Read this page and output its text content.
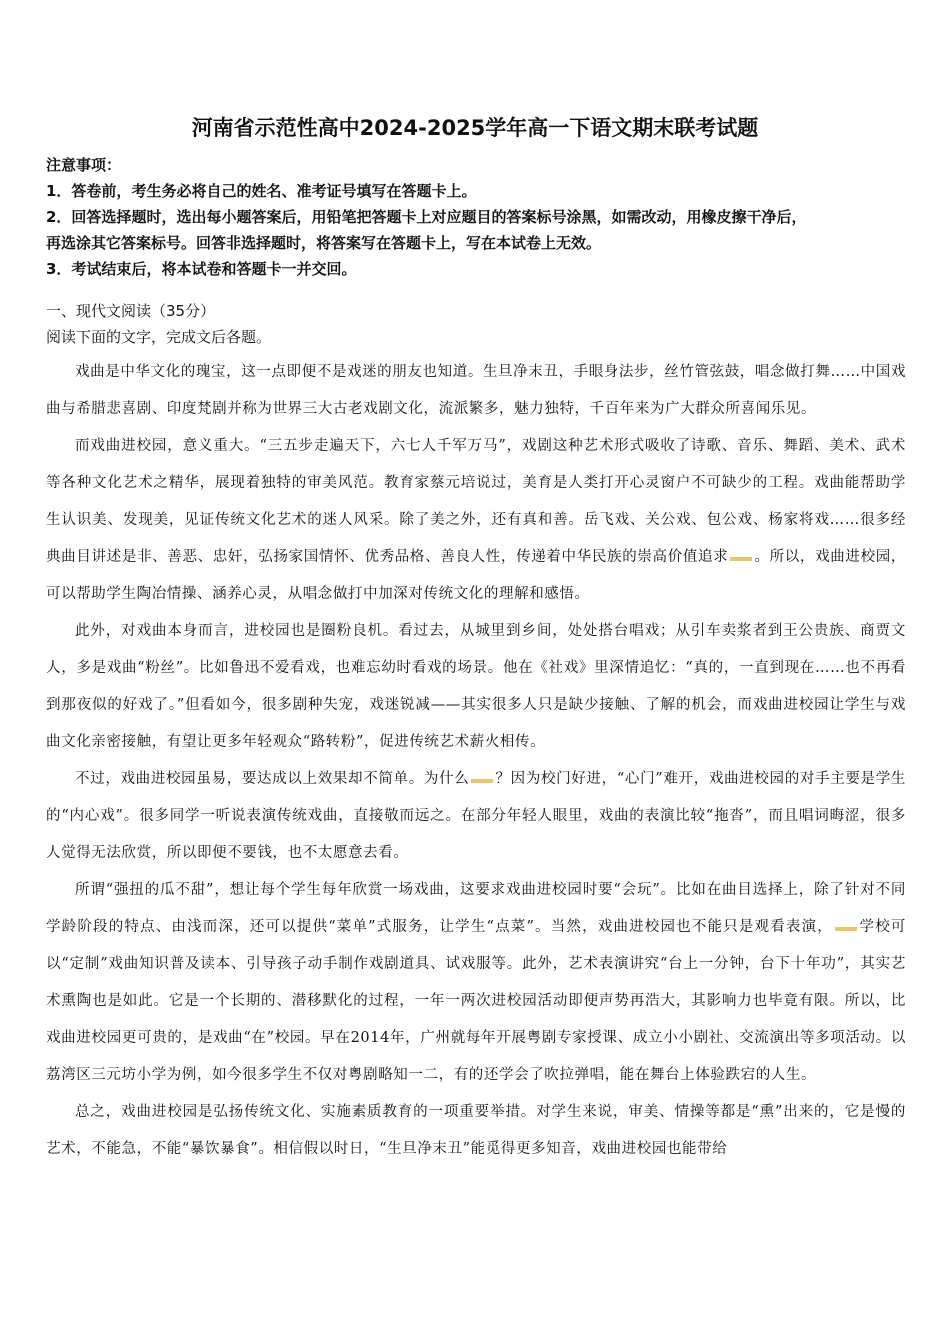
河南省示范性高中2024-2025学年高一下语文期末联考试题
注意事项：
1．答卷前，考生务必将自己的姓名、准考证号填写在答题卡上。
2．回答选择题时，选出每小题答案后，用铅笔把答题卡上对应题目的答案标号涂黑，如需改动，用橡皮擦干净后，
再选涂其它答案标号。回答非选择题时，将答案写在答题卡上，写在本试卷上无效。
3．考试结束后，将本试卷和答题卡一并交回。
一、现代文阅读（35分）
阅读下面的文字，完成文后各题。

戏曲是中华文化的瑰宝，这一点即便不是戏迷的朋友也知道。生旦净末丑，手眼身法步，丝竹管弦鼓，唱念做打舞……中国戏曲与希腊悲喜剧、印度梵剧并称为世界三大古老戏剧文化，流派繁多，魅力独特，千百年来为广大群众所喜闻乐见。

而戏曲进校园，意义重大。“三五步走遍天下，六七人千军万马”，戏剧这种艺术形式吸收了诗歌、音乐、舞蹈、美术、武术等各种文化艺术之精华，展现着独特的审美风范。教育家蔡元培说过，美育是人类打开心灵窗户不可缺少的工程。戏曲能帮助学生认识美、发现美，见证传统文化艺术的迷人风采。除了美之外，还有真和善。岳飞戏、关公戏、包公戏、杨家将戏……很多经典曲目讲述是非、善恶、忠奸，弘扬家国情怀、优秀品格、善良人性，传递着中华民族的崇高价值追求 。所以，戏曲进校园，可以帮助学生陶冶情操、涵养心灵，从唱念做打中加深对传统文化的理解和感悟。

此外，对戏曲本身而言，进校园也是圈粉良机。看过去，从城里到乡间，处处搭台唱戏；从引车卖浆者到王公贵族、商贾文人，多是戏曲“粉丝”。比如鲁迅不爱看戏，也难忘幼时看戏的场景。他在《社戏》里深情追忆：“真的，一直到现在……也不再看到那夜似的好戏了。”但看如今，很多剧种失宠，戏迷锐减——其实很多人只是缺少接触、了解的机会，而戏曲进校园让学生与戏曲文化亲密接触，有望让更多年轻观众“路转粉”，促进传统艺术薪火相传。

不过，戏曲进校园虽易，要达成以上效果却不简单。为什么 ？因为校门好进，“心门”难开，戏曲进校园的对手主要是学生的“内心戏”。很多同学一听说表演传统戏曲，直接敬而远之。在部分年轻人眼里，戏曲的表演比较“拖沓”，而且唱词晦涩，很多人觉得无法欣赏，所以即便不要钱，也不太愿意去看。

所谓“强扭的瓜不甜”，想让每个学生每年欣赏一场戏曲，这要求戏曲进校园时要“会玩”。比如在曲目选择上，除了针对不同学龄阶段的特点、由浅而深，还可以提供“菜单”式服务，让学生“点菜”。当然，戏曲进校园也不能只是观看表演， 学校可以“定制”戏曲知识普及读本、引导孩子动手制作戏剧道具、试戏服等。此外，艺术表演讲究“台上一分钟，台下十年功”，其实艺术熏陶也是如此。它是一个长期的、潜移默化的过程，一年一两次进校园活动即便声势再浩大，其影响力也毕竟有限。所以，比戏曲进校园更可贵的，是戏曲“在”校园。早在2014年，广州就每年开展粤剧专家授课、成立小小剧社、交流演出等多项活动。以荔湾区三元坊小学为例，如今很多学生不仅对粤剧略知一二，有的还学会了吹拉弹唱，能在舞台上体验跌宕的人生。

总之，戏曲进校园是弘扬传统文化、实施素质教育的一项重要举措。对学生来说，审美、情操等都是“熏”出来的，它是慢的艺术，不能急，不能“暴饮暴食”。相信假以时日，“生旦净末丑”能觅得更多知音，戏曲进校园也能带给
